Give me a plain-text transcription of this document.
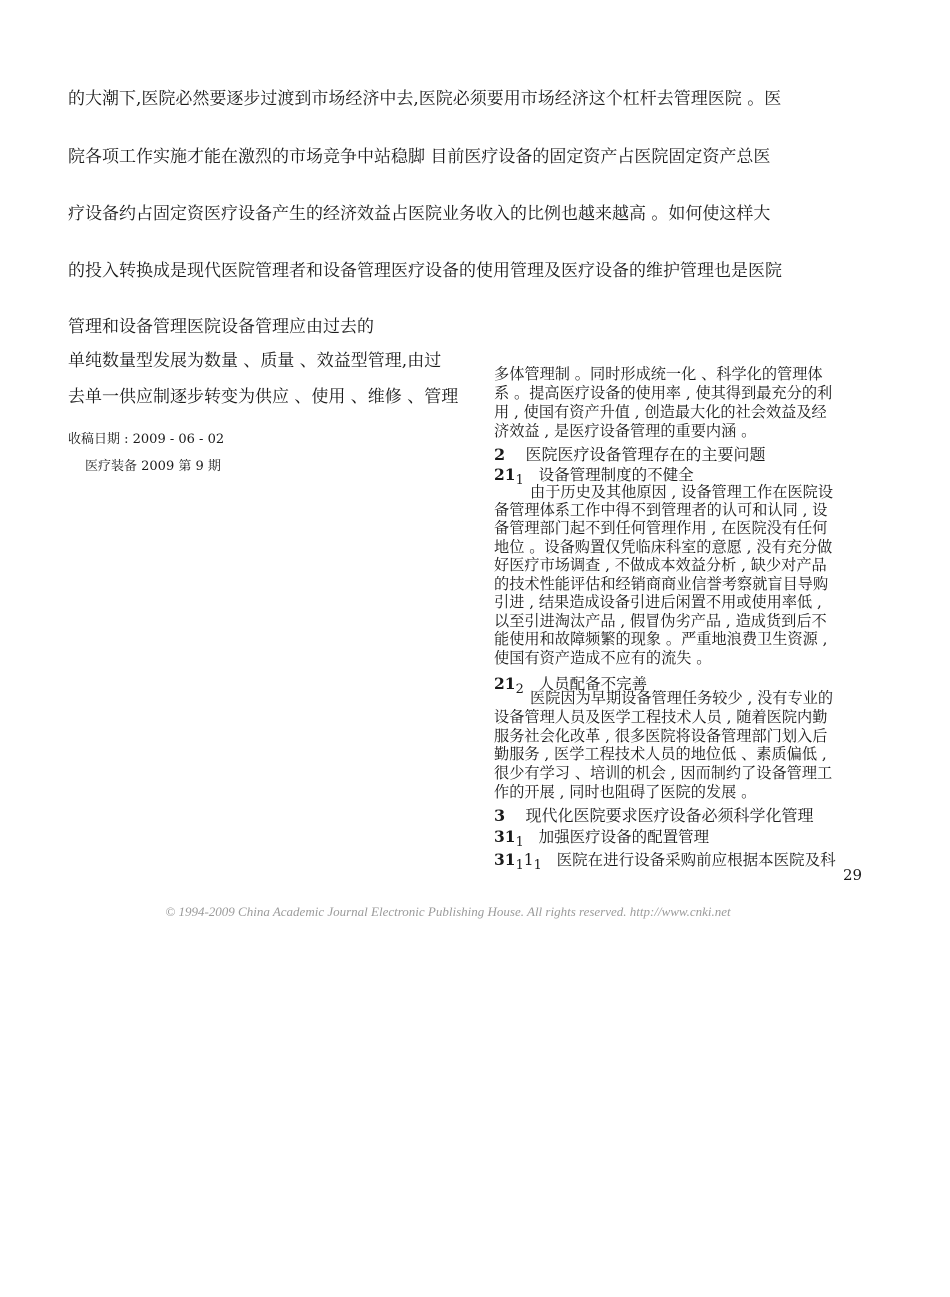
的大潮下,医院必然要逐步过渡到市场经济中去,医院必须要用市场经济这个杠杆去管理医院 。医
院各项工作实施才能在激烈的市场竞争中站稳脚 目前医疗设备的固定资产占医院固定资产总医
疗设备约占固定资医疗设备产生的经济效益占医院业务收入的比例也越来越高 。如何使这样大
的投入转换成是现代医院管理者和设备管理医疗设备的使用管理及医疗设备的维护管理也是医院
管理和设备管理医院设备管理应由过去的
单纯数量型发展为数量 、质量 、效益型管理,由过
去单一供应制逐步转变为供应 、使用 、维修 、管理
收稿日期 : 2009 - 06 - 02
医疗装备 2009 第 9 期
多体管理制 。同时形成统一化 、科学化的管理体
系 。提高医疗设备的使用率 , 使其得到最充分的利
用 , 使国有资产升值 , 创造最大化的社会效益及经
济效益 , 是医疗设备管理的重要内涵 。
2 医院医疗设备管理存在的主要问题
$21_1$ 设备管理制度的不健全
由于历史及其他原因 , 设备管理工作在医院设
备管理体系工作中得不到管理者的认可和认同 , 设
备管理部门起不到任何管理作用 , 在医院没有任何
地位 。设备购置仅凭临床科室的意愿 , 没有充分做
好医疗市场调查 , 不做成本效益分析 , 缺少对产品
的技术性能评估和经销商商业信誉考察就盲目导购
引进 , 结果造成设备引进后闲置不用或使用率低 ,
以至引进淘汰产品 , 假冒伪劣产品 , 造成货到后不
能使用和故障频繁的现象 。严重地浪费卫生资源 ,
使国有资产造成不应有的流失 。
$21_2$ 人员配备不完善
医院因为早期设备管理任务较少 , 没有专业的
设备管理人员及医学工程技术人员 , 随着医院内勤
服务社会化改革 , 很多医院将设备管理部门划入后
勤服务 , 医学工程技术人员的地位低 、素质偏低 ,
很少有学习 、培训的机会 , 因而制约了设备管理工
作的开展 , 同时也阻碍了医院的发展 。
3 现代化医院要求医疗设备必须科学化管理
$31_1$ 加强医疗设备的配置管理
$31_11_1$ 医院在进行设备采购前应根据本医院及科
29
© 1994-2009 China Academic Journal Electronic Publishing House. All rights reserved. http://www.cnki.net
